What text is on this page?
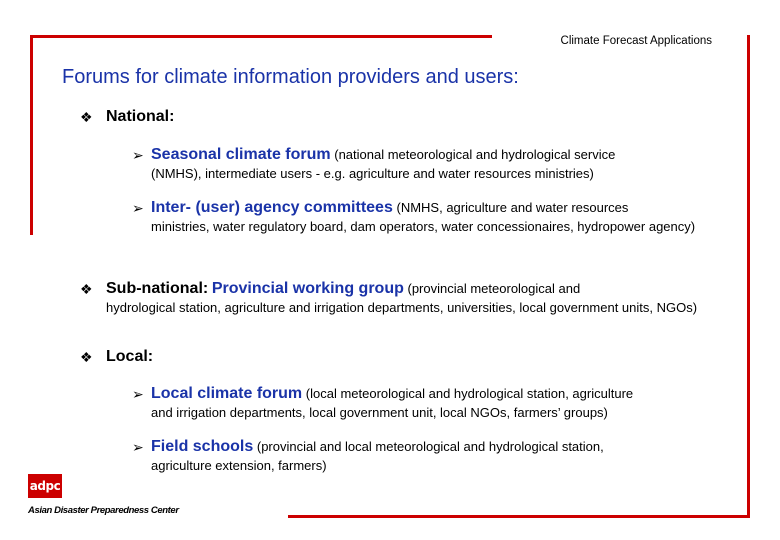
Climate Forecast Applications
Forums for climate information providers and users:
❖ National:
➢ Seasonal climate forum (national meteorological and hydrological service
(NMHS), intermediate users - e.g. agriculture and water resources ministries)
➢ Inter- (user) agency committees (NMHS, agriculture and water resources
ministries, water regulatory board, dam operators, water concessionaires, hydropower agency)
❖ Sub-national: Provincial working group (provincial meteorological and
hydrological station, agriculture and irrigation departments, universities, local government units, NGOs)
❖ Local:
➢ Local climate forum (local meteorological and hydrological station, agriculture
and irrigation departments, local government unit, local NGOs, farmers’ groups)
➢ Field schools (provincial and local meteorological and hydrological station,
agriculture extension, farmers)
adpc
Asian Disaster Preparedness Center
